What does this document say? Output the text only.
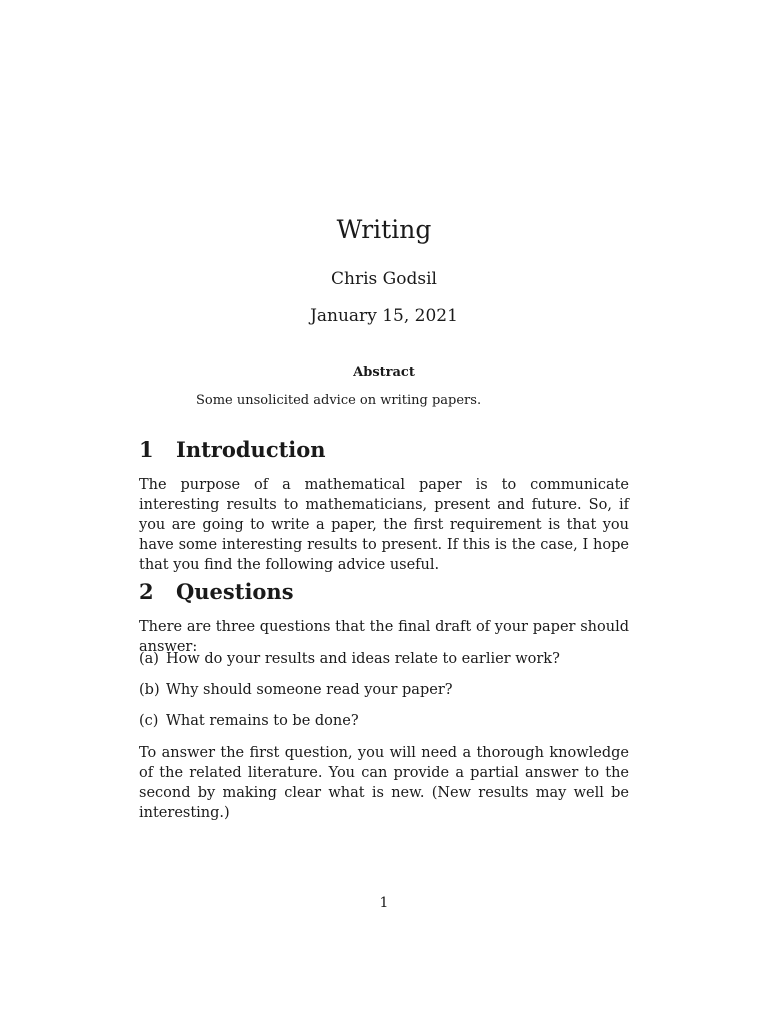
Writing
Chris Godsil
January 15, 2021
Abstract
Some unsolicited advice on writing papers.
1 Introduction
The purpose of a mathematical paper is to communicate interesting results to mathematicians, present and future. So, if you are going to write a paper, the first requirement is that you have some interesting results to present. If this is the case, I hope that you find the following advice useful.
2 Questions
There are three questions that the final draft of your paper should answer:
(a) How do your results and ideas relate to earlier work?
(b) Why should someone read your paper?
(c) What remains to be done?
To answer the first question, you will need a thorough knowledge of the related literature. You can provide a partial answer to the second by making clear what is new. (New results may well be interesting.)
1
